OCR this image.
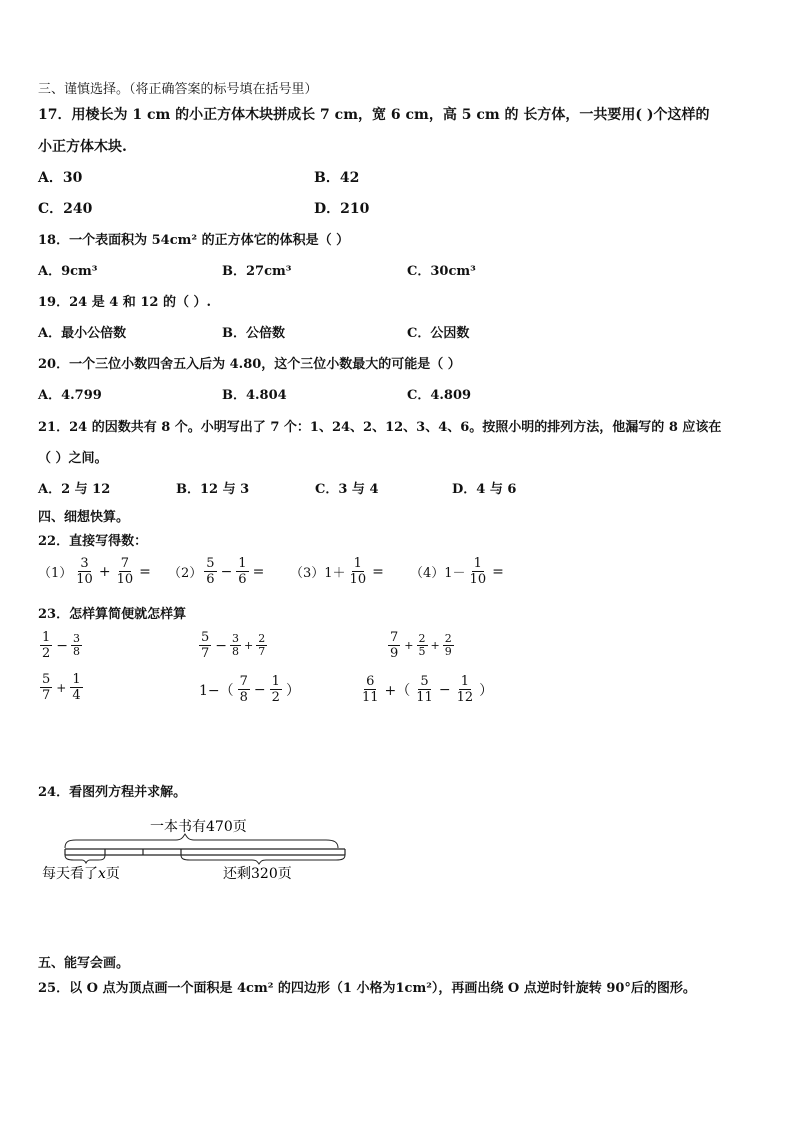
三、谨慎选择。（将正确答案的标号填在括号里）
17．用棱长为 1 cm 的小正方体木块拼成长 7 cm，宽 6 cm，高 5 cm 的 长方体，一共要用( )个这样的
小正方体木块.
A．30	B．42
C．240	D．210
18．一个表面积为 54cm² 的正方体它的体积是（ ）
A．9cm³	B．27cm³	C．30cm³
19．24 是 4 和 12 的（ ）.
A．最小公倍数	B．公倍数	C．公因数
20．一个三位小数四舍五入后为 4.80，这个三位小数最大的可能是（ ）
A．4.799	B．4.804	C．4.809
21．24 的因数共有 8 个。小明写出了 7 个：1、24、2、12、3、4、6。按照小明的排列方法，他漏写的 8 应该在
（ ）之间。
A．2 与 12	B．12 与 3	C．3 与 4	D．4 与 6
四、细想快算。
22．直接写得数：
$(1) \frac{3}{10} + \frac{7}{10} = (2) \frac{5}{6} - \frac{1}{6} = (3)1+ \frac{1}{10} = (4)1- \frac{1}{10}$ =
23．怎样算简便就怎样算
$\frac{1}{2} - \frac{3}{8}$	$\frac{5}{7} - \frac{3}{8} + \frac{2}{7}$	$\frac{7}{9} + \frac{2}{5} + \frac{2}{9}$
$\frac{5}{7} + \frac{1}{4}$	$1-( \frac{7}{8} - \frac{1}{2}$ ）	$\frac{6}{11}$ +（ $\frac{5}{11} - \frac{1}{12}$ ）
24．看图列方程并求解。
一本书有470页
每天看了x页	还剩320页
五、能写会画。
25．以 O 点为顶点画一个面积是 4cm² 的四边形（1 小格为1cm²），再画出绕 O 点逆时针旋转 90°后的图形。
